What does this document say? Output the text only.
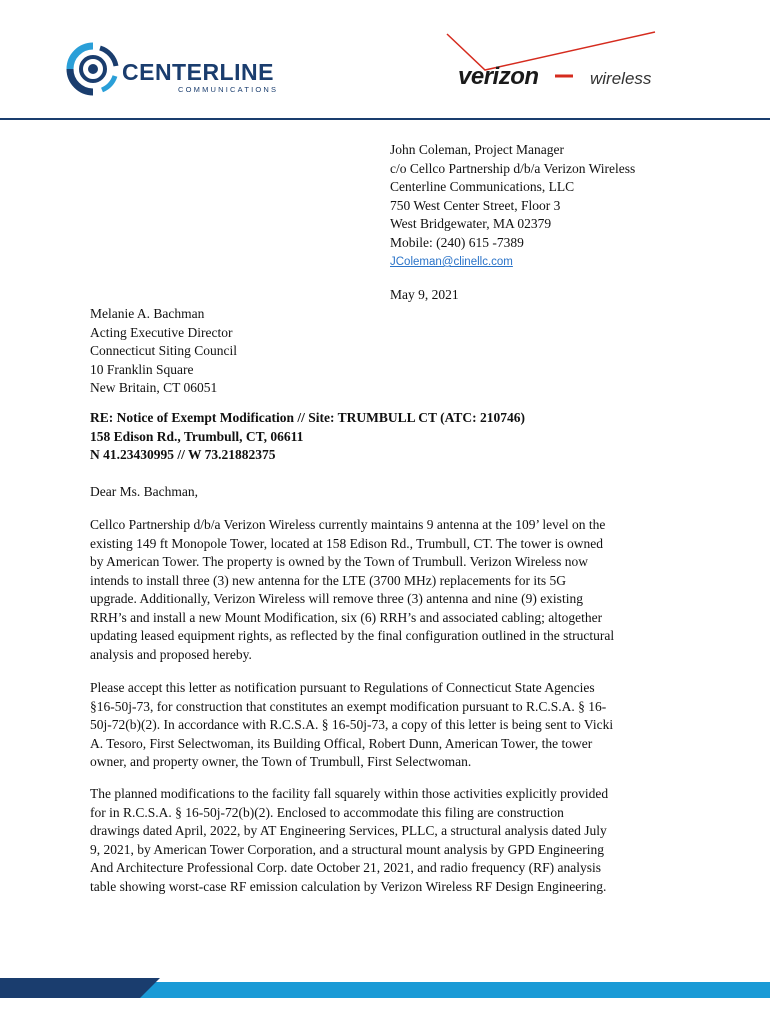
CENTERLINE
COMMUNICATIONS	verizon	wireless
John Coleman, Project Manager
c/o Cellco Partnership d/b/a Verizon Wireless
Centerline Communications, LLC
750 West Center Street, Floor 3
West Bridgewater, MA 02379
Mobile: (240) 615 -7389
JColeman@clinellc.com
May 9, 2021
Melanie A. Bachman
Acting Executive Director
Connecticut Siting Council
10 Franklin Square
New Britain, CT 06051
RE: Notice of Exempt Modification // Site: TRUMBULL CT (ATC: 210746)
158 Edison Rd., Trumbull, CT, 06611
N 41.23430995 // W 73.21882375
Dear Ms. Bachman,
Cellco Partnership d/b/a Verizon Wireless currently maintains 9 antenna at the 109’ level on the
existing 149 ft Monopole Tower, located at 158 Edison Rd., Trumbull, CT. The tower is owned
by American Tower. The property is owned by the Town of Trumbull. Verizon Wireless now
intends to install three (3) new antenna for the LTE (3700 MHz) replacements for its 5G
upgrade. Additionally, Verizon Wireless will remove three (3) antenna and nine (9) existing
RRH’s and install a new Mount Modification, six (6) RRH’s and associated cabling; altogether
updating leased equipment rights, as reflected by the final configuration outlined in the structural
analysis and proposed hereby.
Please accept this letter as notification pursuant to Regulations of Connecticut State Agencies
§16-50j-73, for construction that constitutes an exempt modification pursuant to R.C.S.A. § 16-
50j-72(b)(2). In accordance with R.C.S.A. § 16-50j-73, a copy of this letter is being sent to Vicki
A. Tesoro, First Selectwoman, its Building Offical, Robert Dunn, American Tower, the tower
owner, and property owner, the Town of Trumbull, First Selectwoman.
The planned modifications to the facility fall squarely within those activities explicitly provided
for in R.C.S.A. § 16-50j-72(b)(2). Enclosed to accommodate this filing are construction
drawings dated April, 2022, by AT Engineering Services, PLLC, a structural analysis dated July
9, 2021, by American Tower Corporation, and a structural mount analysis by GPD Engineering
And Architecture Professional Corp. date October 21, 2021, and radio frequency (RF) analysis
table showing worst-case RF emission calculation by Verizon Wireless RF Design Engineering.
